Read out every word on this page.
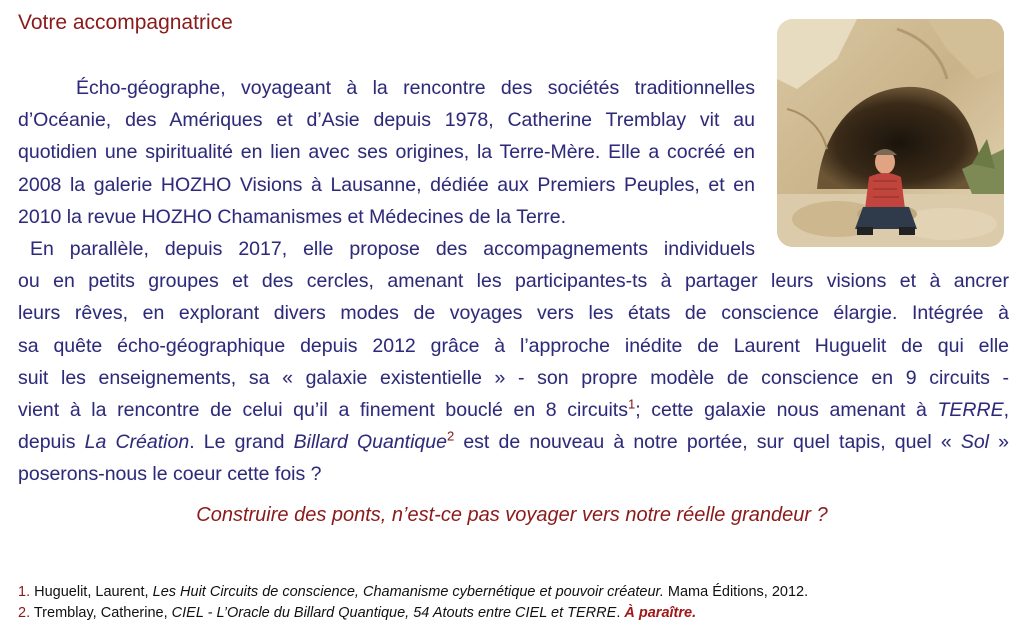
Votre accompagnatrice
Écho-géographe, voyageant à la rencontre des sociétés traditionnelles
d’Océanie, des Amériques et d’Asie depuis 1978, Catherine Tremblay vit au
quotidien une spiritualité en lien avec ses origines, la Terre-Mère. Elle a cocréé en
2008 la galerie HOZHO Visions à Lausanne, dédiée aux Premiers Peuples, et en
2010 la revue HOZHO Chamanismes et Médecines de la Terre.
En parallèle, depuis 2017, elle propose des accompagnements individuels
ou en petits groupes et des cercles, amenant les participantes-ts à partager leurs visions et à ancrer
leurs rêves, en explorant divers modes de voyages vers les états de conscience élargie. Intégrée à
sa quête écho-géographique depuis 2012 grâce à l’approche inédite de Laurent Huguelit de qui elle
suit les enseignements, sa « galaxie existentielle » - son propre modèle de conscience en 9 circuits -
vient à la rencontre de celui qu’il a finement bouclé en 8 circuits$^1$; cette galaxie nous amenant à TERRE,
depuis La Création. Le grand Billard Quantique$^2$ est de nouveau à notre portée, sur quel tapis, quel « Sol »
poserons-nous le coeur cette fois ?
Construire des ponts, n’est-ce pas voyager vers notre réelle grandeur ?
1. Huguelit, Laurent, Les Huit Circuits de conscience, Chamanisme cybernétique et pouvoir créateur. Mama Éditions, 2012.
2. Tremblay, Catherine, CIEL - L’Oracle du Billard Quantique, 54 Atouts entre CIEL et TERRE. À paraître.
